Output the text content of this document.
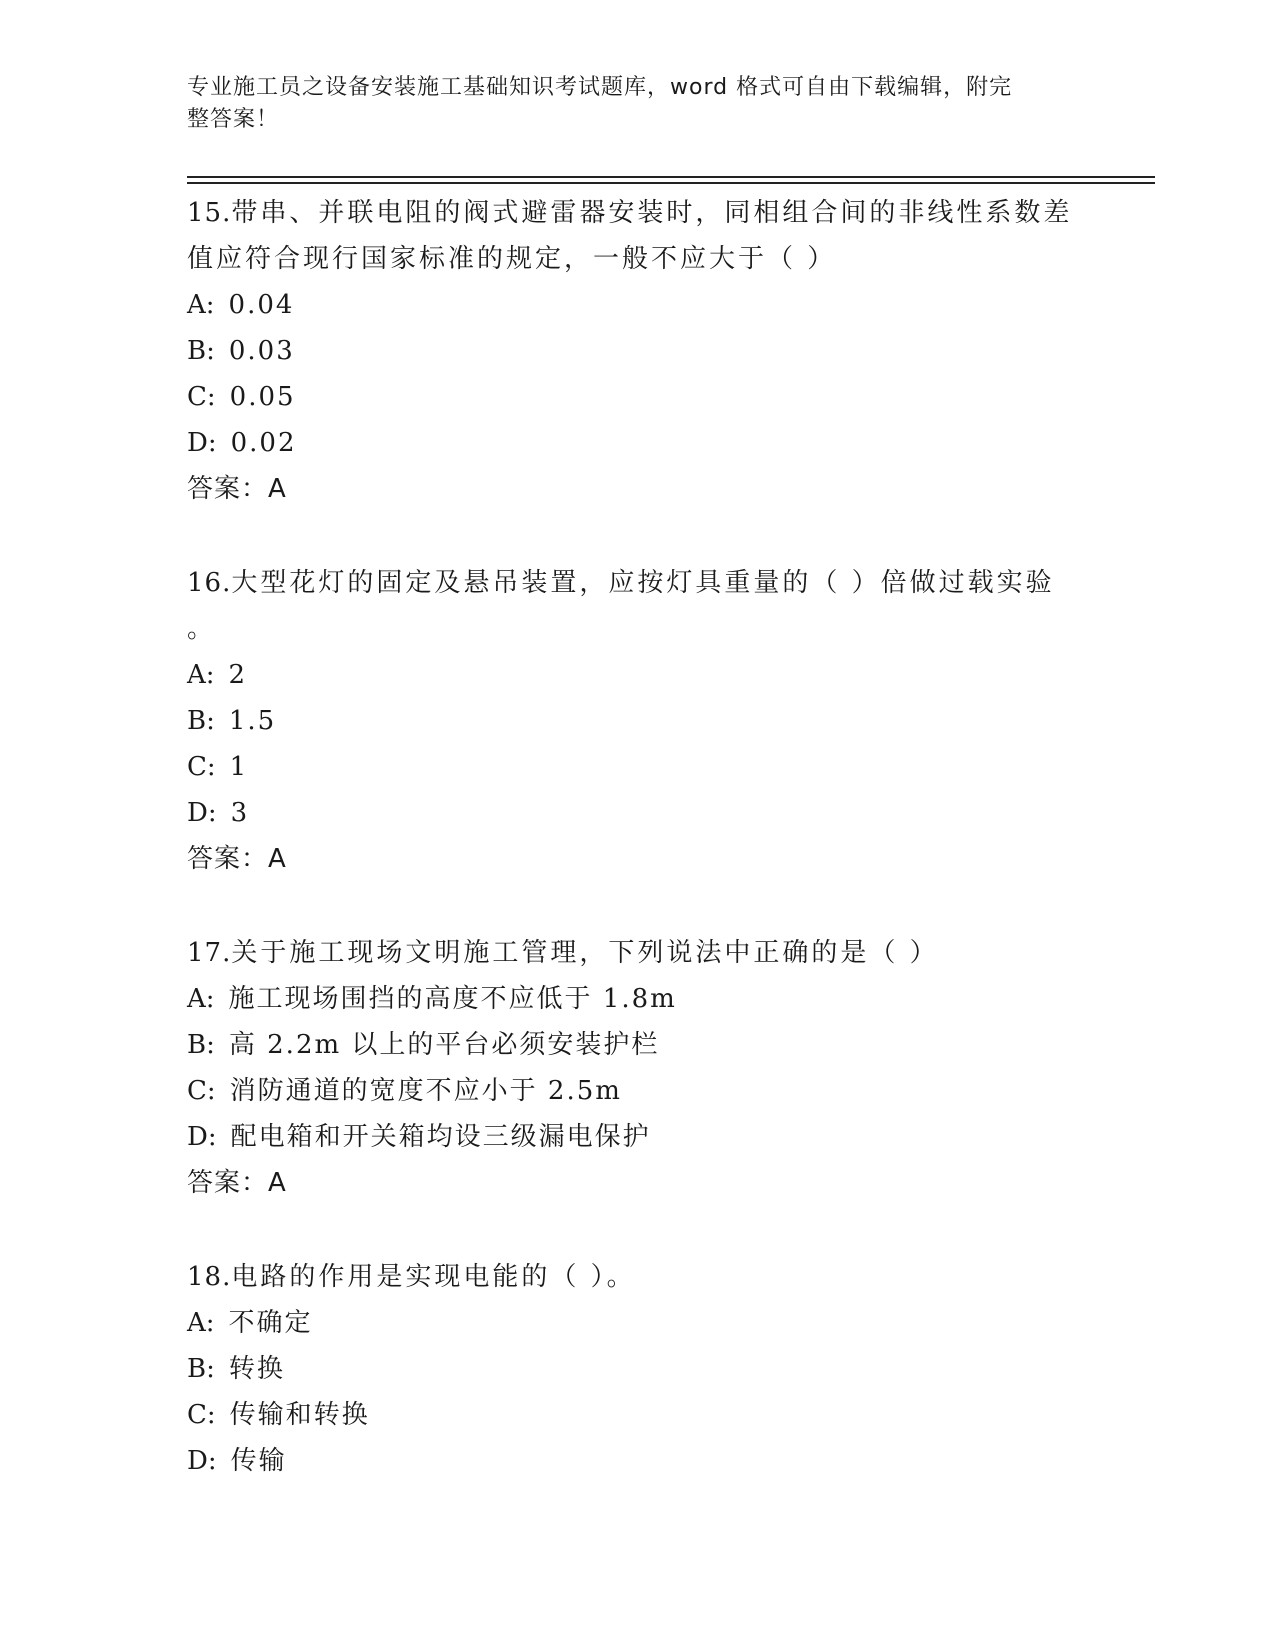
专业施工员之设备安装施工基础知识考试题库，word 格式可自由下载编辑，附完
整答案！

15.带串、并联电阻的阀式避雷器安装时，同相组合间的非线性系数差

值应符合现行国家标准的规定，一般不应大于（ ）

A: 0.04

B: 0.03

C: 0.05

D: 0.02

答案：A

16.大型花灯的固定及悬吊装置，应按灯具重量的（ ）倍做过载实验

。

A: 2

B: 1.5

C: 1

D: 3

答案：A

17.关于施工现场文明施工管理，下列说法中正确的是（ ）

A: 施工现场围挡的高度不应低于 1.8m

B: 高 2.2m 以上的平台必须安装护栏

C: 消防通道的宽度不应小于 2.5m

D: 配电箱和开关箱均设三级漏电保护

答案：A

18.电路的作用是实现电能的（ ）。

A: 不确定

B: 转换

C: 传输和转换

D: 传输
